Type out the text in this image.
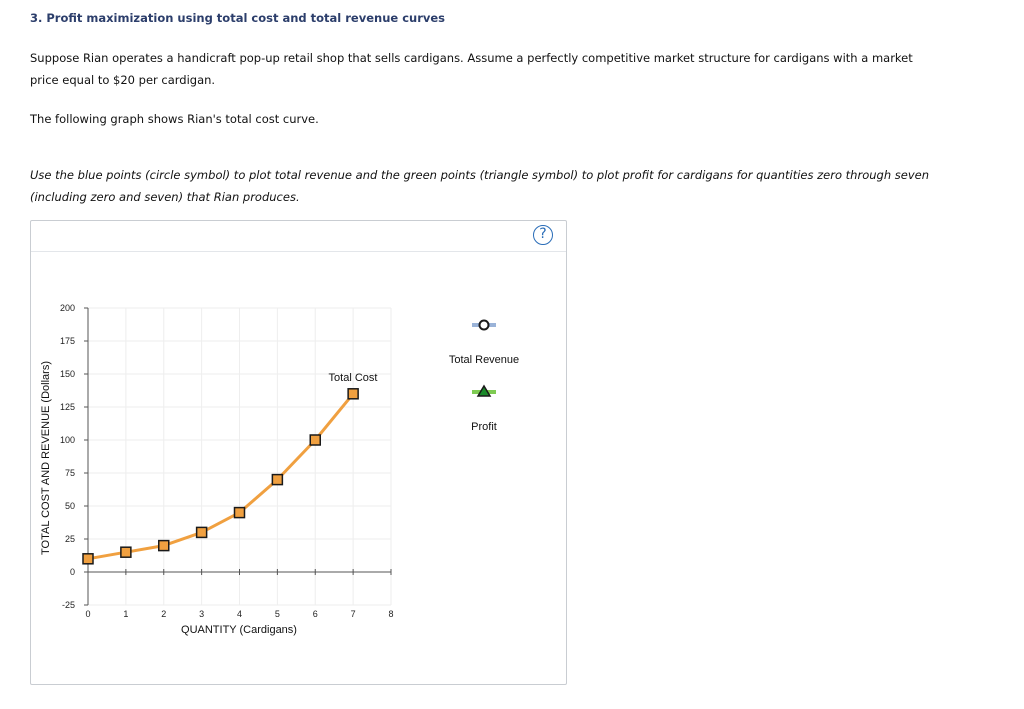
3. Profit maximization using total cost and total revenue curves

Suppose Rian operates a handicraft pop-up retail shop that sells cardigans. Assume a perfectly competitive market structure for cardigans with a market price equal to $20 per cardigan.

The following graph shows Rian's total cost curve.

Use the blue points (circle symbol) to plot total revenue and the green points (triangle symbol) to plot profit for cardigans for quantities zero through seven (including zero and seven) that Rian produces.

?
-25
0
25
50
75
100
125
150
175
200
0	1	2	3	4	5	6	7	8
QUANTITY (Cardigans)
TOTAL COST AND REVENUE (Dollars)	Total Cost
Total Revenue
Profit
